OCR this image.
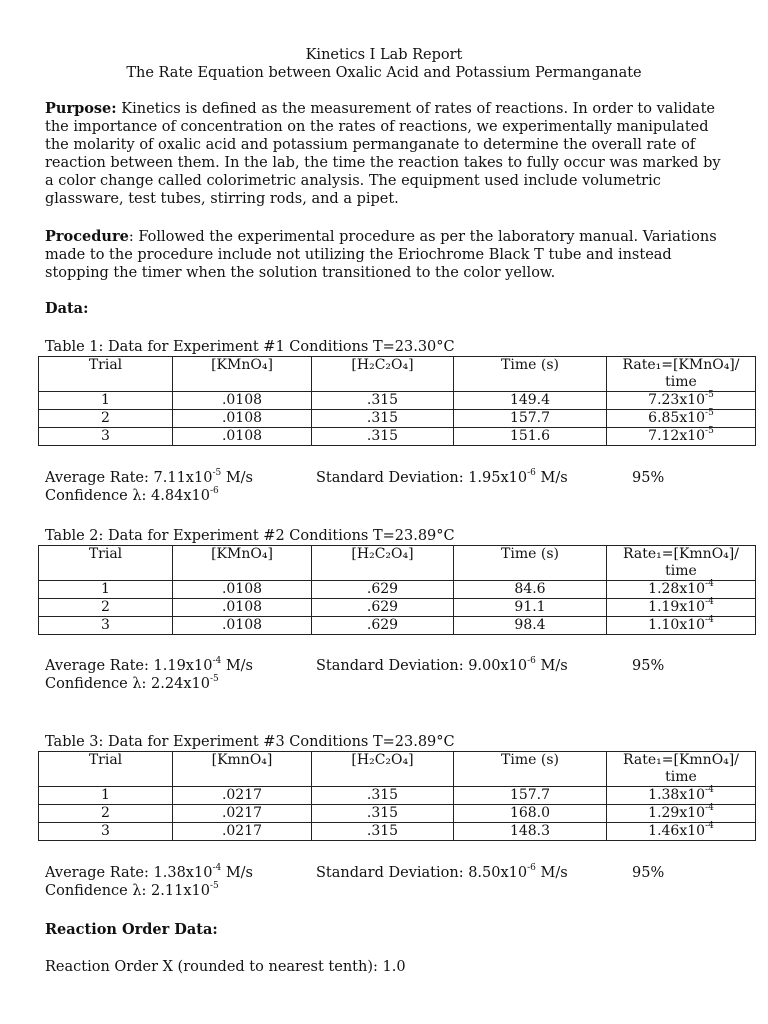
Kinetics I Lab Report
The Rate Equation between Oxalic Acid and Potassium Permanganate
Purpose: Kinetics is defined as the measurement of rates of reactions. In order to validate the importance of concentration on the rates of reactions, we experimentally manipulated the molarity of oxalic acid and potassium permanganate to determine the overall rate of reaction between them. In the lab, the time the reaction takes to fully occur was marked by a color change called colorimetric analysis. The equipment used include volumetric glassware, test tubes, stirring rods, and a pipet.
Procedure: Followed the experimental procedure as per the laboratory manual. Variations made to the procedure include not utilizing the Eriochrome Black T tube and instead stopping the timer when the solution transitioned to the color yellow.
Data:
Table 1: Data for Experiment #1 Conditions T=23.30°C
Trial	[KMnO₄]	[H₂C₂O₄]	Time (s)	Rate₁=[KMnO₄]/ time
1	.0108	.315	149.4	$7.23x10^{-5}$
2	.0108	.315	157.7	$6.85x10^{-5}$
3	.0108	.315	151.6	$7.12x10^{-5}$
Average Rate: $7.11x10^{-5}$ M/s
Confidence λ: $4.84x10^{-6}$
Standard Deviation: $1.95x10^{-6}$ M/s	95%
Table 2: Data for Experiment #2 Conditions T=23.89°C
Trial	[KMnO₄]	[H₂C₂O₄]	Time (s)	Rate₁=[KmnO₄]/ time
1	.0108	.629	84.6	$1.28x10^{-4}$
2	.0108	.629	91.1	$1.19x10^{-4}$
3	.0108	.629	98.4	$1.10x10^{-4}$
Average Rate: $1.19x10^{-4}$ M/s
Confidence λ: $2.24x10^{-5}$
Standard Deviation: $9.00x10^{-6}$ M/s	95%
Table 3: Data for Experiment #3 Conditions T=23.89°C
Trial	[KmnO₄]	[H₂C₂O₄]	Time (s)	Rate₁=[KmnO₄]/ time
1	.0217	.315	157.7	$1.38x10^{-4}$
2	.0217	.315	168.0	$1.29x10^{-4}$
3	.0217	.315	148.3	$1.46x10^{-4}$
Average Rate: $1.38x10^{-4}$ M/s
Confidence λ: $2.11x10^{-5}$
Standard Deviation: $8.50x10^{-6}$ M/s	95%
Reaction Order Data:
Reaction Order X (rounded to nearest tenth): 1.0
